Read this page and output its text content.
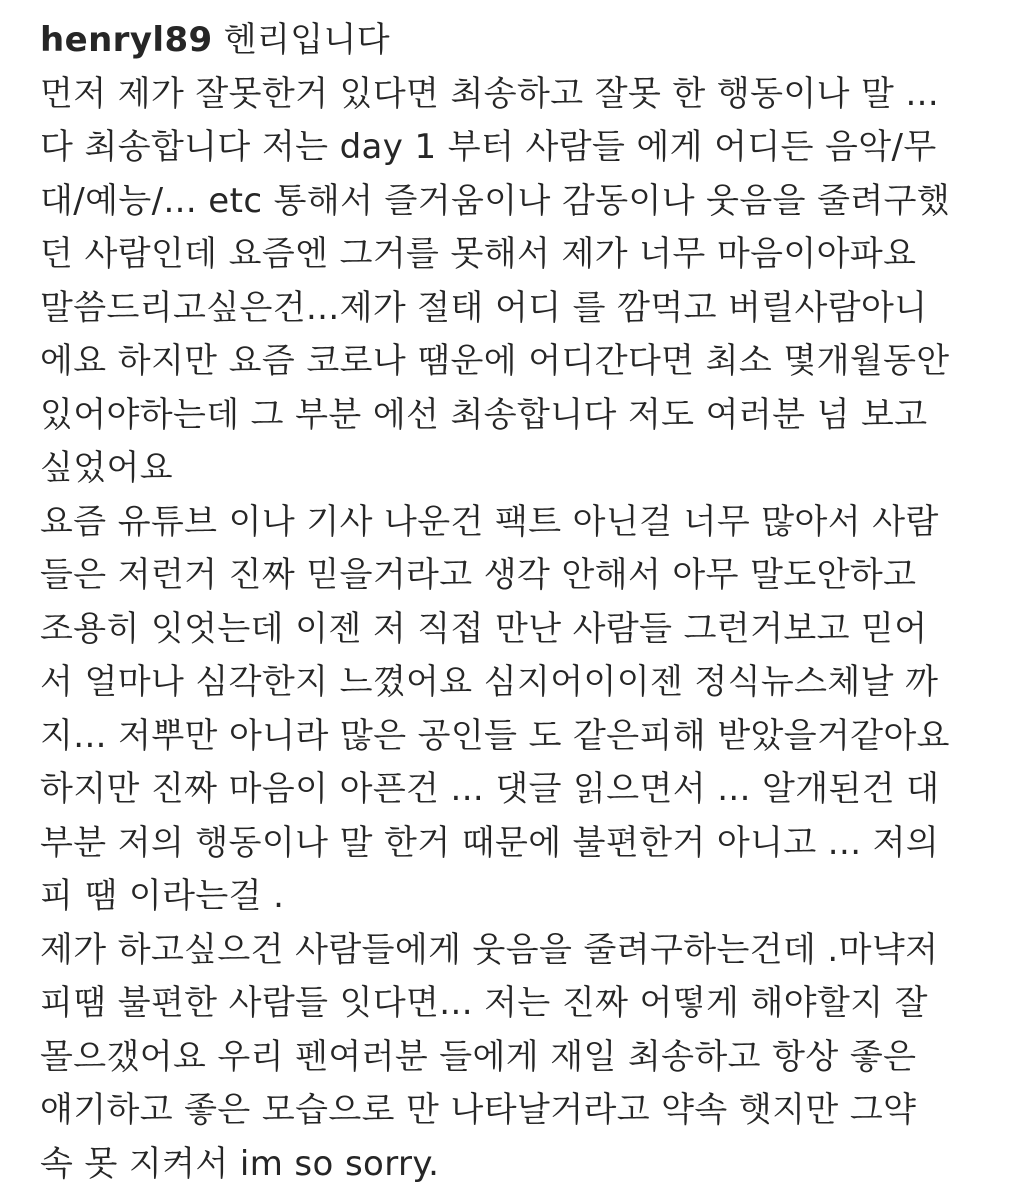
henryl89 헨리입니다
먼저 제가 잘못한거 있다면 최송하고 잘못 한 행동이나 말 ...
다 최송합니다 저는 day 1 부터 사람들 에게 어디든 음악/무
대/예능/... etc 통해서 즐거움이나 감동이나 웃음을 줄려구했
던 사람인데 요즘엔 그거를 못해서 제가 너무 마음이아파요
말씀드리고싶은건...제가 절태 어디 를 깜먹고 버릴사람아니
에요 하지만 요즘 코로나 땜운에 어디간다면 최소 몇개월동안
있어야하는데 그 부분 에선 최송합니다 저도 여러분 넘 보고
싶었어요
요즘 유튜브 이나 기사 나운건 팩트 아닌걸 너무 많아서 사람
들은 저런거 진짜 믿을거라고 생각 안해서 아무 말도안하고
조용히 잇엇는데 이젠 저 직접 만난 사람들 그런거보고 믿어
서 얼마나 심각한지 느꼈어요 심지어이이젠 정식뉴스체날 까
지... 저뿌만 아니라 많은 공인들 도 같은피해 받았을거같아요
하지만 진짜 마음이 아픈건 ... 댓글 읽으면서 ... 알개된건 대
부분 저의 행동이나 말 한거 때문에 불편한거 아니고 ... 저의
피 땜 이라는걸 .
제가 하고싶으건 사람들에게 웃음을 줄려구하는건데 .마냑저
피땜 불편한 사람들 잇다면... 저는 진짜 어떻게 해야할지 잘
몰으갰어요 우리 펜여러분 들에게 재일 최송하고 항상 좋은
얘기하고 좋은 모습으로 만 나타날거라고 약속 햇지만 그약
속 못 지켜서 im so sorry.
